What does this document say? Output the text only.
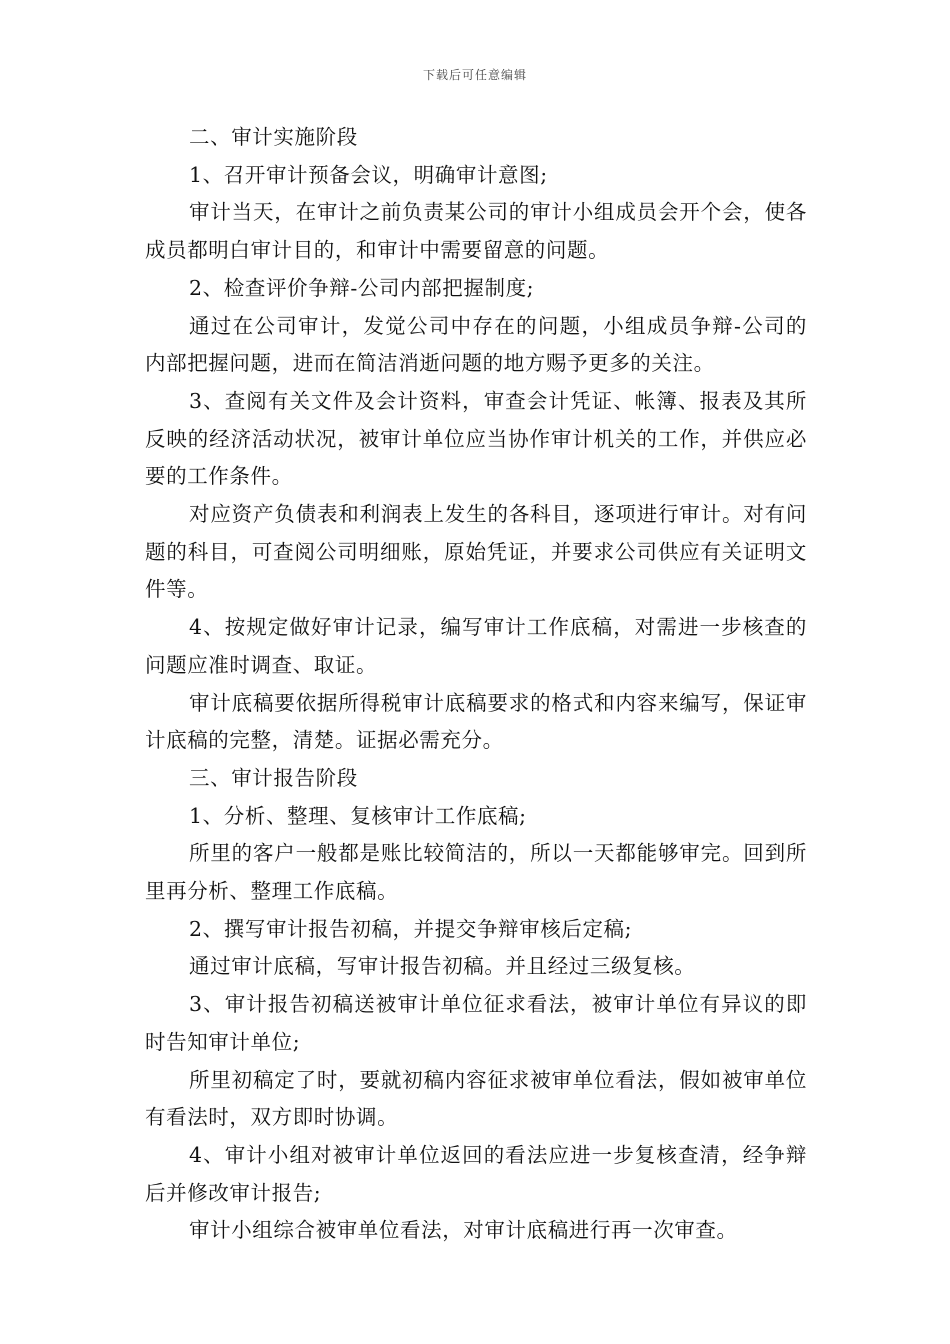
下载后可任意编辑

二、审计实施阶段

1、召开审计预备会议，明确审计意图;

审计当天，在审计之前负责某公司的审计小组成员会开个会，使各成员都明白审计目的，和审计中需要留意的问题。

2、检查评价争辩-公司内部把握制度;

通过在公司审计，发觉公司中存在的问题，小组成员争辩-公司的内部把握问题，进而在简洁消逝问题的地方赐予更多的关注。

3、查阅有关文件及会计资料，审查会计凭证、帐簿、报表及其所反映的经济活动状况，被审计单位应当协作审计机关的工作，并供应必要的工作条件。

对应资产负债表和利润表上发生的各科目，逐项进行审计。对有问题的科目，可查阅公司明细账，原始凭证，并要求公司供应有关证明文件等。

4、按规定做好审计记录，编写审计工作底稿，对需进一步核查的问题应准时调查、取证。

审计底稿要依据所得税审计底稿要求的格式和内容来编写，保证审计底稿的完整，清楚。证据必需充分。

三、审计报告阶段

1、分析、整理、复核审计工作底稿;

所里的客户一般都是账比较简洁的，所以一天都能够审完。回到所里再分析、整理工作底稿。

2、撰写审计报告初稿，并提交争辩审核后定稿;

通过审计底稿，写审计报告初稿。并且经过三级复核。

3、审计报告初稿送被审计单位征求看法，被审计单位有异议的即时告知审计单位;

所里初稿定了时，要就初稿内容征求被审单位看法，假如被审单位有看法时，双方即时协调。

4、审计小组对被审计单位返回的看法应进一步复核查清，经争辩后并修改审计报告;

审计小组综合被审单位看法，对审计底稿进行再一次审查。
